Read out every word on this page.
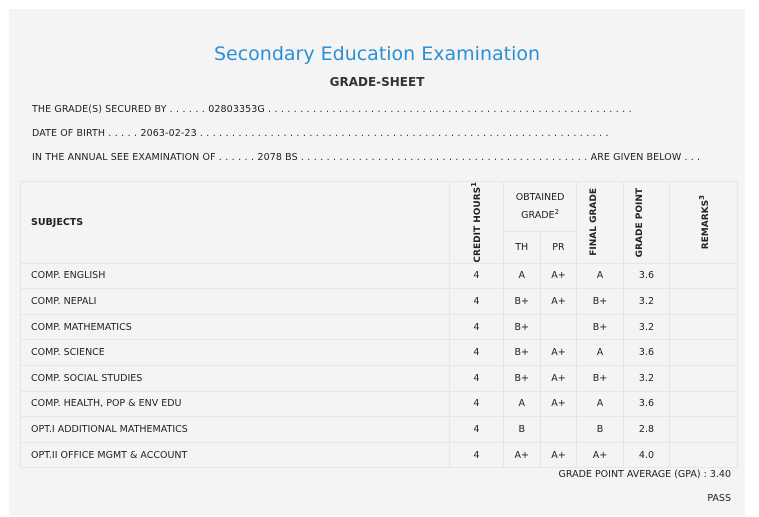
Secondary Education Examination
GRADE-SHEET
THE GRADE(S) SECURED BY . . . . . . 02803353G . . . . . . . . . . . . . . . . . . . . . . . . . . . . . . . . . . . . . . . . . . . . . . . . . . . . . . . . .
DATE OF BIRTH . . . . . 2063-02-23 . . . . . . . . . . . . . . . . . . . . . . . . . . . . . . . . . . . . . . . . . . . . . . . . . . . . . . . . . . . . . . . .
IN THE ANNUAL SEE EXAMINATION OF . . . . . . 2078 BS . . . . . . . . . . . . . . . . . . . . . . . . . . . . . . . . . . . . . . . . . . . . . ARE GIVEN BELOW . . .
SUBJECTS	CREDIT HOURS$^1$	OBTAINED GRADE$^2$		FINAL GRADE	GRADE POINT	REMARKS$^3$

		TH	PR			
COMP. ENGLISH	4	A	A+	A	3.6	
COMP. NEPALI	4	B+	A+	B+	3.2	
COMP. MATHEMATICS	4	B+		B+	3.2	
COMP. SCIENCE	4	B+	A+	A	3.6	
COMP. SOCIAL STUDIES	4	B+	A+	B+	3.2	
COMP. HEALTH, POP & ENV EDU	4	A	A+	A	3.6	
OPT.I ADDITIONAL MATHEMATICS	4	B		B	2.8	
OPT.II OFFICE MGMT & ACCOUNT	4	A+	A+	A+	4.0	
GRADE POINT AVERAGE (GPA) : 3.40
PASS
